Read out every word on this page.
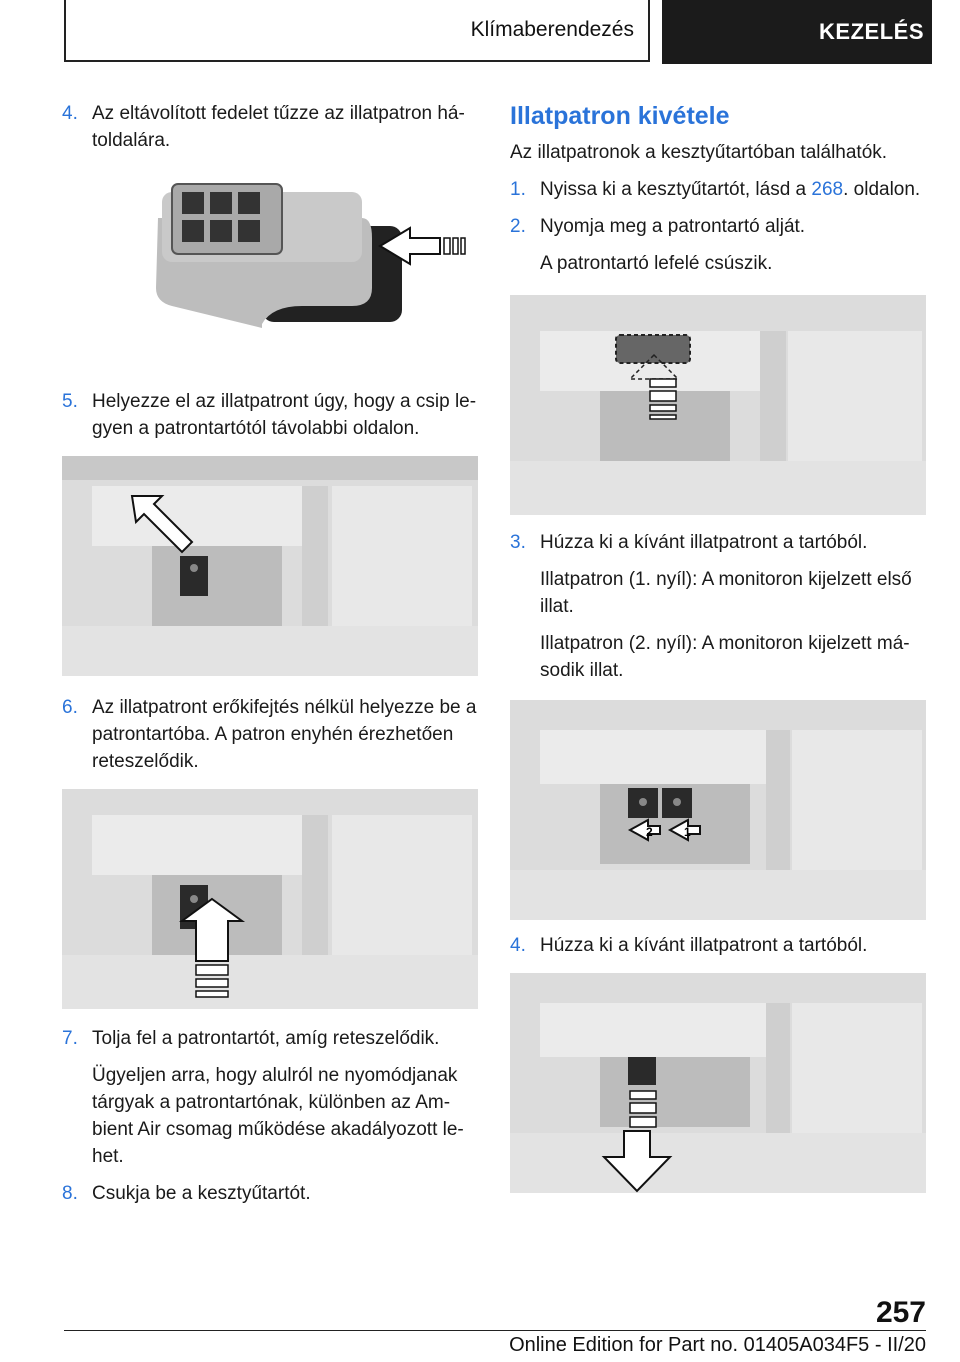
Klímaberendezés	KEZELÉS
4. Az eltávolított fedelet tűzze az illatpatron há-toldalára.
5. Helyezze el az illatpatront úgy, hogy a csip le-gyen a patrontartótól távolabbi oldalon.
6. Az illatpatront erőkifejtés nélkül helyezze be a patrontartóba. A patron enyhén érezhetően reteszelődik.
7. Tolja fel a patrontartót, amíg reteszelődik.
Ügyeljen arra, hogy alulról ne nyomódjanak tárgyak a patrontartónak, különben az Am-bient Air csomag működése akadályozott le-het.
8. Csukja be a kesztyűtartót.
Illatpatron kivétele
Az illatpatronok a kesztyűtartóban találhatók.
1. Nyissa ki a kesztyűtartót, lásd a 268. oldalon.
2. Nyomja meg a patrontartó alját.
A patrontartó lefelé csúszik.
3. Húzza ki a kívánt illatpatront a tartóból.
Illatpatron (1. nyíl): A monitoron kijelzett első illat.
Illatpatron (2. nyíl): A monitoron kijelzett má-sodik illat.
2	1
4. Húzza ki a kívánt illatpatront a tartóból.
257
Online Edition for Part no. 01405A034F5 - II/20
